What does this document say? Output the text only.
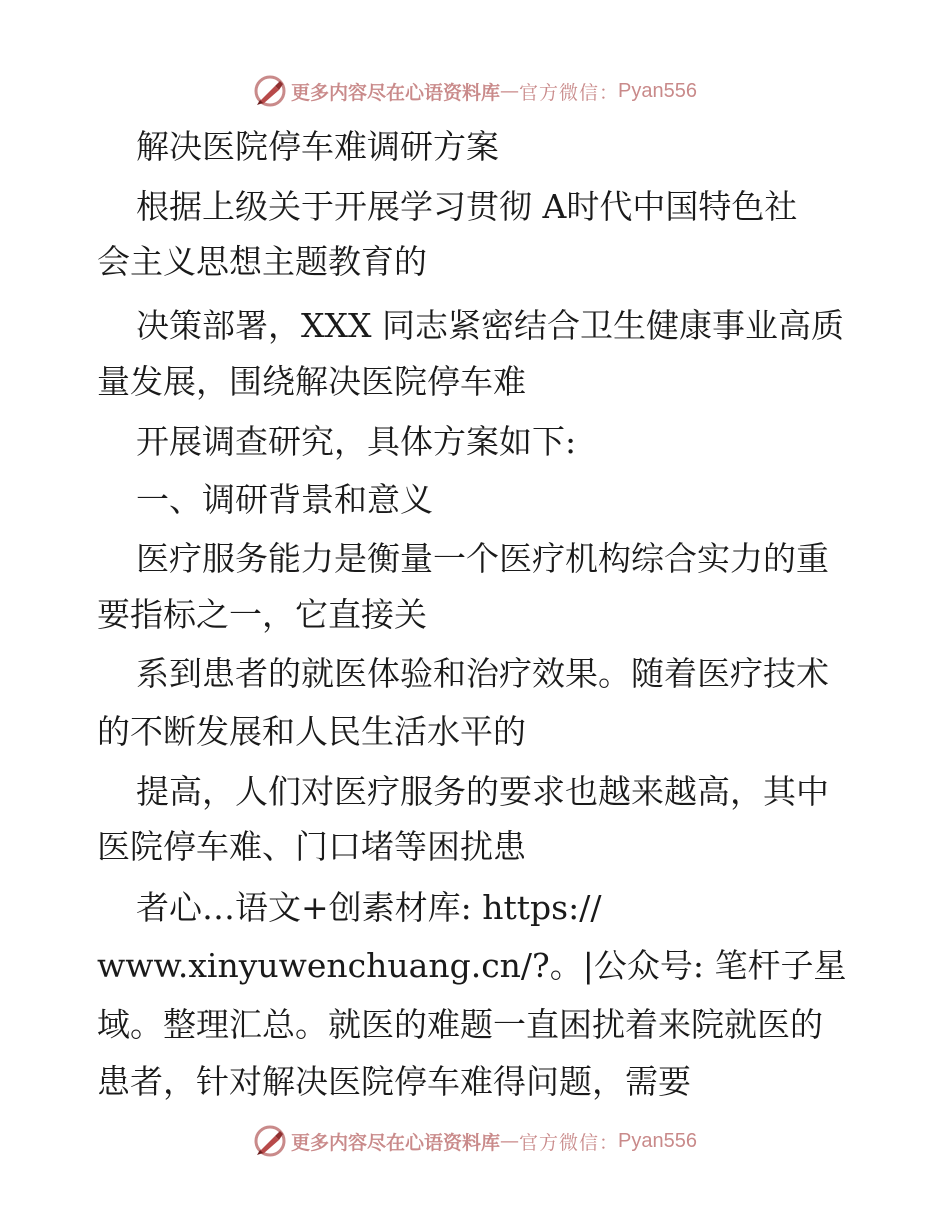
更多内容尽在心语资料库 — 官方微信 ： Pyan556
解决医院停车难调研方案
根据上级关于开展学习贯彻 A时代中国特色社
会主义思想主题教育的
决策部署，XXX 同志紧密结合卫生健康事业高质
量发展，围绕解决医院停车难
开展调查研究，具体方案如下:
一、调研背景和意义
医疗服务能力是衡量一个医疗机构综合实力的重
要指标之一，它直接关
系到患者的就医体验和治疗效果。随着医疗技术
的不断发展和人民生活水平的
提高，人们对医疗服务的要求也越来越高，其中
医院停车难、门口堵等困扰患
者心…语文+创素材库: https://
www.xinyuwenchuang.cn/?。|公众号: 笔杆子星
域。整理汇总。就医的难题一直困扰着来院就医的
患者，针对解决医院停车难得问题，需要
更多内容尽在心语资料库 — 官方微信 ： Pyan556
